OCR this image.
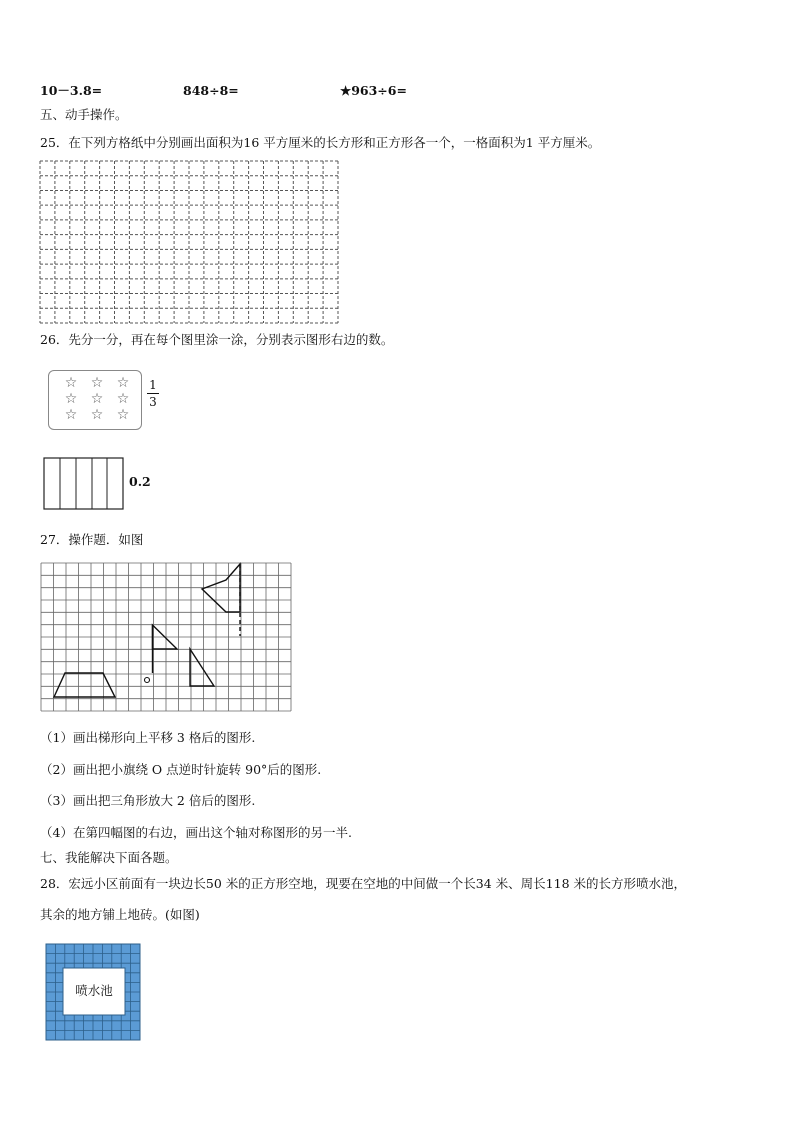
10－3.8=	848÷8=	★963÷6=
五、动手操作。
25．在下列方格纸中分别画出面积为16 平方厘米的长方形和正方形各一个，一格面积为1 平方厘米。
26．先分一分，再在每个图里涂一涂，分别表示图形右边的数。
☆ ☆ ☆
☆ ☆ ☆
☆ ☆ ☆
1
3
0.2
27．操作题．如图
（1）画出梯形向上平移 3 格后的图形.
（2）画出把小旗绕 O 点逆时针旋转 90°后的图形.
（3）画出把三角形放大 2 倍后的图形.
（4）在第四幅图的右边，画出这个轴对称图形的另一半.
七、我能解决下面各题。
28．宏远小区前面有一块边长50 米的正方形空地，现要在空地的中间做一个长34 米、周长118 米的长方形喷水池，
其余的地方铺上地砖。(如图)
喷水池
